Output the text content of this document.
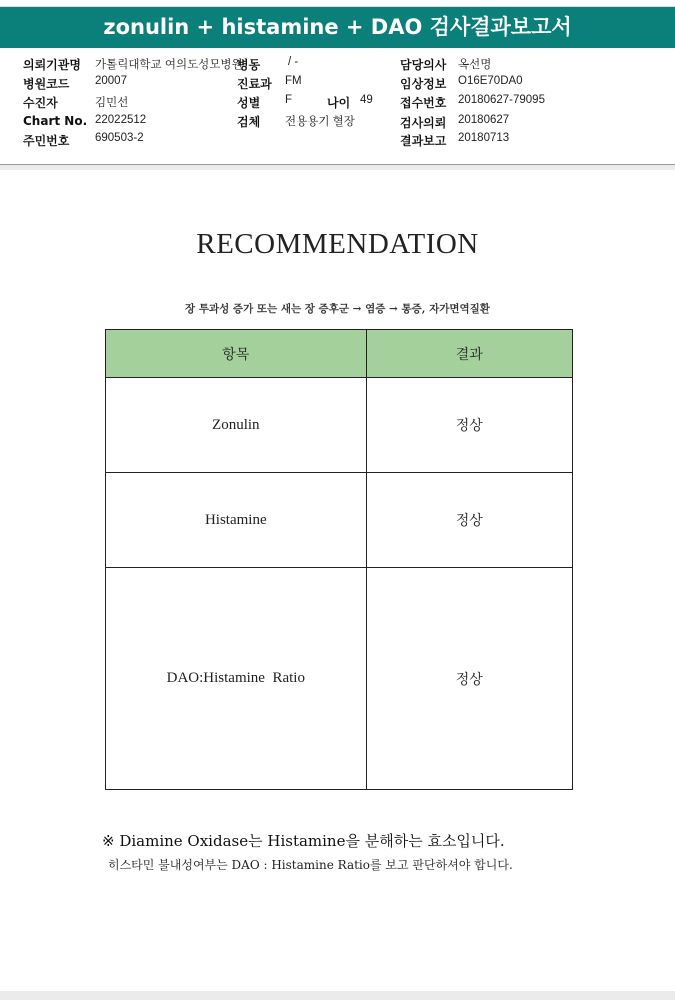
zonulin + histamine + DAO 검사결과보고서
의뢰기관명 가톨릭대학교 여의도성모병원
병원코드 20007
수진자	김민선
Chart No. 22022512
주민번호 690503-2
병동 / -
진료과 FM
성별 F	나이 49
검체 전용용기 혈장
담당의사 옥선명
임상정보 O16E70DA0
접수번호 20180627-79095
검사의뢰 20180627
결과보고 20180713
RECOMMENDATION
장 투과성 증가 또는 새는 장 증후군 → 염증 → 통증, 자가면역질환
항목	결과
Zonulin	정상
Histamine	정상
DAO:Histamine  Ratio	정상
※ Diamine Oxidase는 Histamine을 분해하는 효소입니다.
히스타민 불내성여부는 DAO : Histamine Ratio를 보고 판단하셔야 합니다.
